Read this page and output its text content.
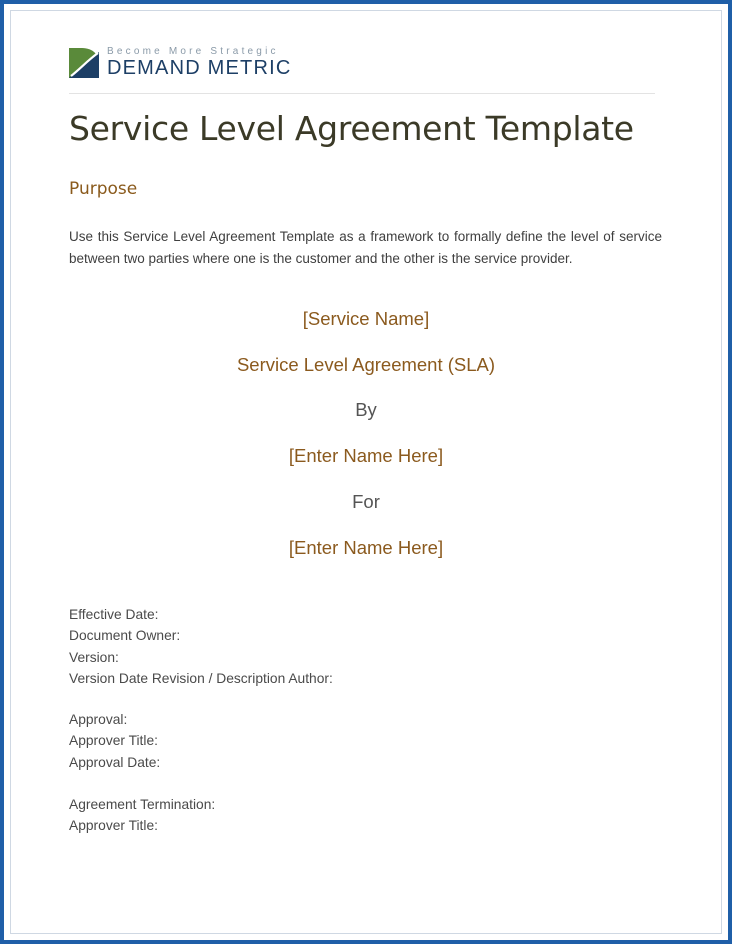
Become More Strategic
DEMAND METRIC
Service Level Agreement Template
Purpose
Use this Service Level Agreement Template as a framework to formally define the level of service between two parties where one is the customer and the other is the service provider.
[Service Name]
Service Level Agreement (SLA)
By
[Enter Name Here]
For
[Enter Name Here]
Effective Date:
Document Owner:
Version:
Version Date Revision / Description Author:
Approval:
Approver Title:
Approval Date:
Agreement Termination:
Approver Title:
